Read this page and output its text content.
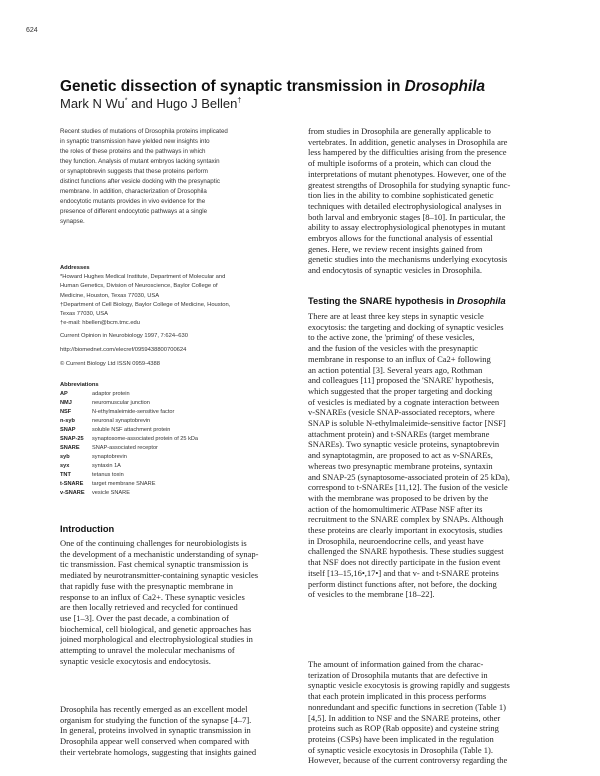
624
Genetic dissection of synaptic transmission in Drosophila
Mark N Wu* and Hugo J Bellen†
Recent studies of mutations of Drosophila proteins implicated
in synaptic transmission have yielded new insights into
the roles of these proteins and the pathways in which
they function. Analysis of mutant embryos lacking syntaxin
or synaptobrevin suggests that these proteins perform
distinct functions after vesicle docking with the presynaptic
membrane. In addition, characterization of Drosophila
endocytotic mutants provides in vivo evidence for the
presence of different endocytotic pathways at a single
synapse.
Addresses
*Howard Hughes Medical Institute, Department of Molecular and
Human Genetics, Division of Neuroscience, Baylor College of
Medicine, Houston, Texas 77030, USA
†Department of Cell Biology, Baylor College of Medicine, Houston,
Texas 77030, USA
†e-mail: hbellen@bcm.tmc.edu
Current Opinion in Neurobiology 1997, 7:624–630
http://biomednet.com/elecref/0959438800700624
© Current Biology Ltd ISSN 0959-4388
Abbreviations
AP	adaptor protein
NMJ	neuromuscular junction
NSF	N-ethylmaleimide-sensitive factor
n-syb	neuronal synaptobrevin
SNAP	soluble NSF attachment protein
SNAP-25	synaptosome-associated protein of 25 kDa
SNARE	SNAP-associated receptor
syb	synaptobrevin
syx	syntaxin 1A
TNT	tetanus toxin
t-SNARE	target membrane SNARE
v-SNARE	vesicle SNARE
Introduction
One of the continuing challenges for neurobiologists is
the development of a mechanistic understanding of synap-
tic transmission. Fast chemical synaptic transmission is
mediated by neurotransmitter-containing synaptic vesicles
that rapidly fuse with the presynaptic membrane in
response to an influx of Ca2+. These synaptic vesicles
are then locally retrieved and recycled for continued
use [1–3]. Over the past decade, a combination of
biochemical, cell biological, and genetic approaches has
joined morphological and electrophysiological studies in
attempting to unravel the molecular mechanisms of
synaptic vesicle exocytosis and endocytosis.
Drosophila has recently emerged as an excellent model
organism for studying the function of the synapse [4–7].
In general, proteins involved in synaptic transmission in
Drosophila appear well conserved when compared with
their vertebrate homologs, suggesting that insights gained
from studies in Drosophila are generally applicable to
vertebrates. In addition, genetic analyses in Drosophila are
less hampered by the difficulties arising from the presence
of multiple isoforms of a protein, which can cloud the
interpretations of mutant phenotypes. However, one of the
greatest strengths of Drosophila for studying synaptic func-
tion lies in the ability to combine sophisticated genetic
techniques with detailed electrophysiological analyses in
both larval and embryonic stages [8–10]. In particular, the
ability to assay electrophysiological phenotypes in mutant
embryos allows for the functional analysis of essential
genes. Here, we review recent insights gained from
genetic studies into the mechanisms underlying exocytosis
and endocytosis of synaptic vesicles in Drosophila.
Testing the SNARE hypothesis in Drosophila
There are at least three key steps in synaptic vesicle
exocytosis: the targeting and docking of synaptic vesicles
to the active zone, the 'priming' of these vesicles,
and the fusion of the vesicles with the presynaptic
membrane in response to an influx of Ca2+ following
an action potential [3]. Several years ago, Rothman
and colleagues [11] proposed the 'SNARE' hypothesis,
which suggested that the proper targeting and docking
of vesicles is mediated by a cognate interaction between
v-SNAREs (vesicle SNAP-associated receptors, where
SNAP is soluble N-ethylmaleimide-sensitive factor [NSF]
attachment protein) and t-SNAREs (target membrane
SNAREs). Two synaptic vesicle proteins, synaptobrevin
and synaptotagmin, are proposed to act as v-SNAREs,
whereas two presynaptic membrane proteins, syntaxin
and SNAP-25 (synaptosome-associated protein of 25 kDa),
correspond to t-SNAREs [11,12]. The fusion of the vesicle
with the membrane was proposed to be driven by the
action of the homomultimeric ATPase NSF after its
recruitment to the SNARE complex by SNAPs. Although
these proteins are clearly important in exocytosis, studies
in Drosophila, neuroendocrine cells, and yeast have
challenged the SNARE hypothesis. These studies suggest
that NSF does not directly participate in the fusion event
itself [13–15,16•,17•] and that v- and t-SNARE proteins
perform distinct functions after, not before, the docking
of vesicles to the membrane [18–22].
The amount of information gained from the charac-
terization of Drosophila mutants that are defective in
synaptic vesicle exocytosis is growing rapidly and suggests
that each protein implicated in this process performs
nonredundant and specific functions in secretion (Table 1)
[4,5]. In addition to NSF and the SNARE proteins, other
proteins such as ROP (Rab opposite) and cysteine string
proteins (CSPs) have been implicated in the regulation
of synaptic vesicle exocytosis in Drosophila (Table 1).
However, because of the current controversy regarding the
